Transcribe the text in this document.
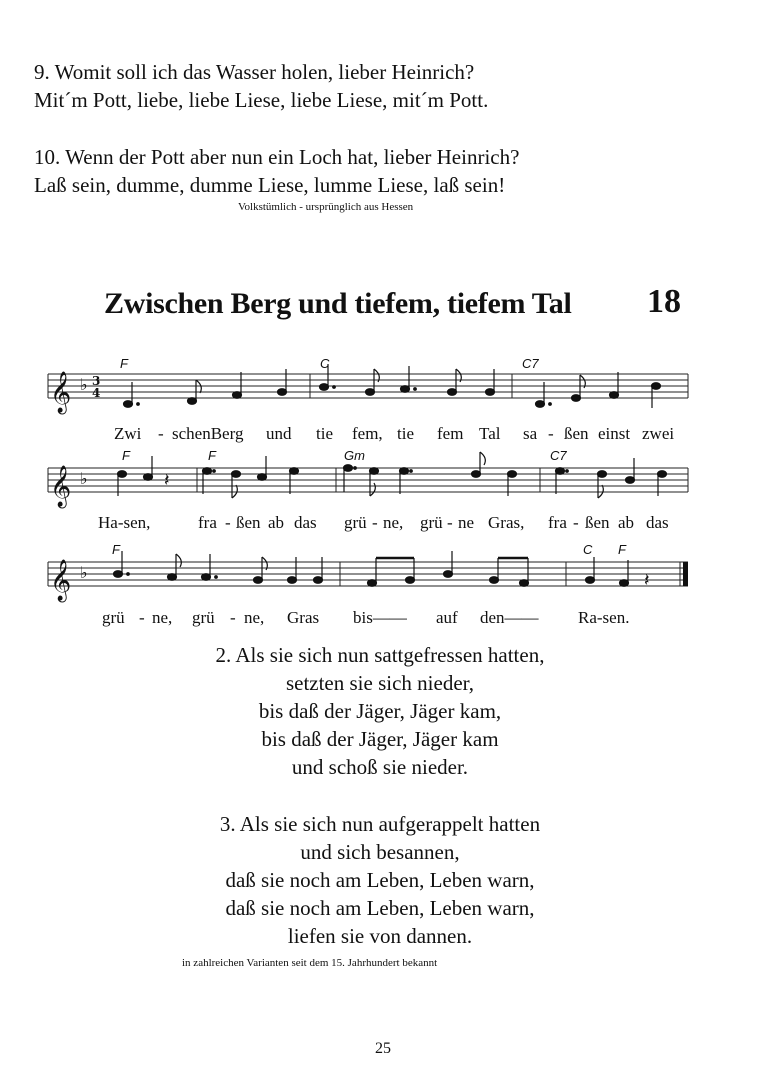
9. Womit soll ich das Wasser holen, lieber Heinrich?
Mit´m Pott, liebe, liebe Liese, liebe Liese, mit´m Pott.
10. Wenn der Pott aber nun ein Loch hat, lieber Heinrich?
Laß sein, dumme, dumme Liese, lumme Liese, laß sein!
Volkstümlich - ursprünglich aus Hessen
Zwischen Berg und tiefem, tiefem Tal 18
F	C	C7
𝄞 ♭ 3
4
Zwi - schenBerg und tie fem, tie fem Tal sa - ßen einst zwei
F	F	Gm	C7
𝄞 ♭	𝄽
Ha-sen,	fra - ßen ab das grü - ne, grü - ne Gras, fra - ßen ab das
F	C F
𝄞 ♭	𝄽
grü - ne, grü - ne, Gras bis—— auf den—— Ra-sen.
2. Als sie sich nun sattgefressen hatten,
setzten sie sich nieder,
bis daß der Jäger, Jäger kam,
bis daß der Jäger, Jäger kam
und schoß sie nieder.
3. Als sie sich nun aufgerappelt hatten
und sich besannen,
daß sie noch am Leben, Leben warn,
daß sie noch am Leben, Leben warn,
liefen sie von dannen.
in zahlreichen Varianten seit dem 15. Jahrhundert bekannt
25
